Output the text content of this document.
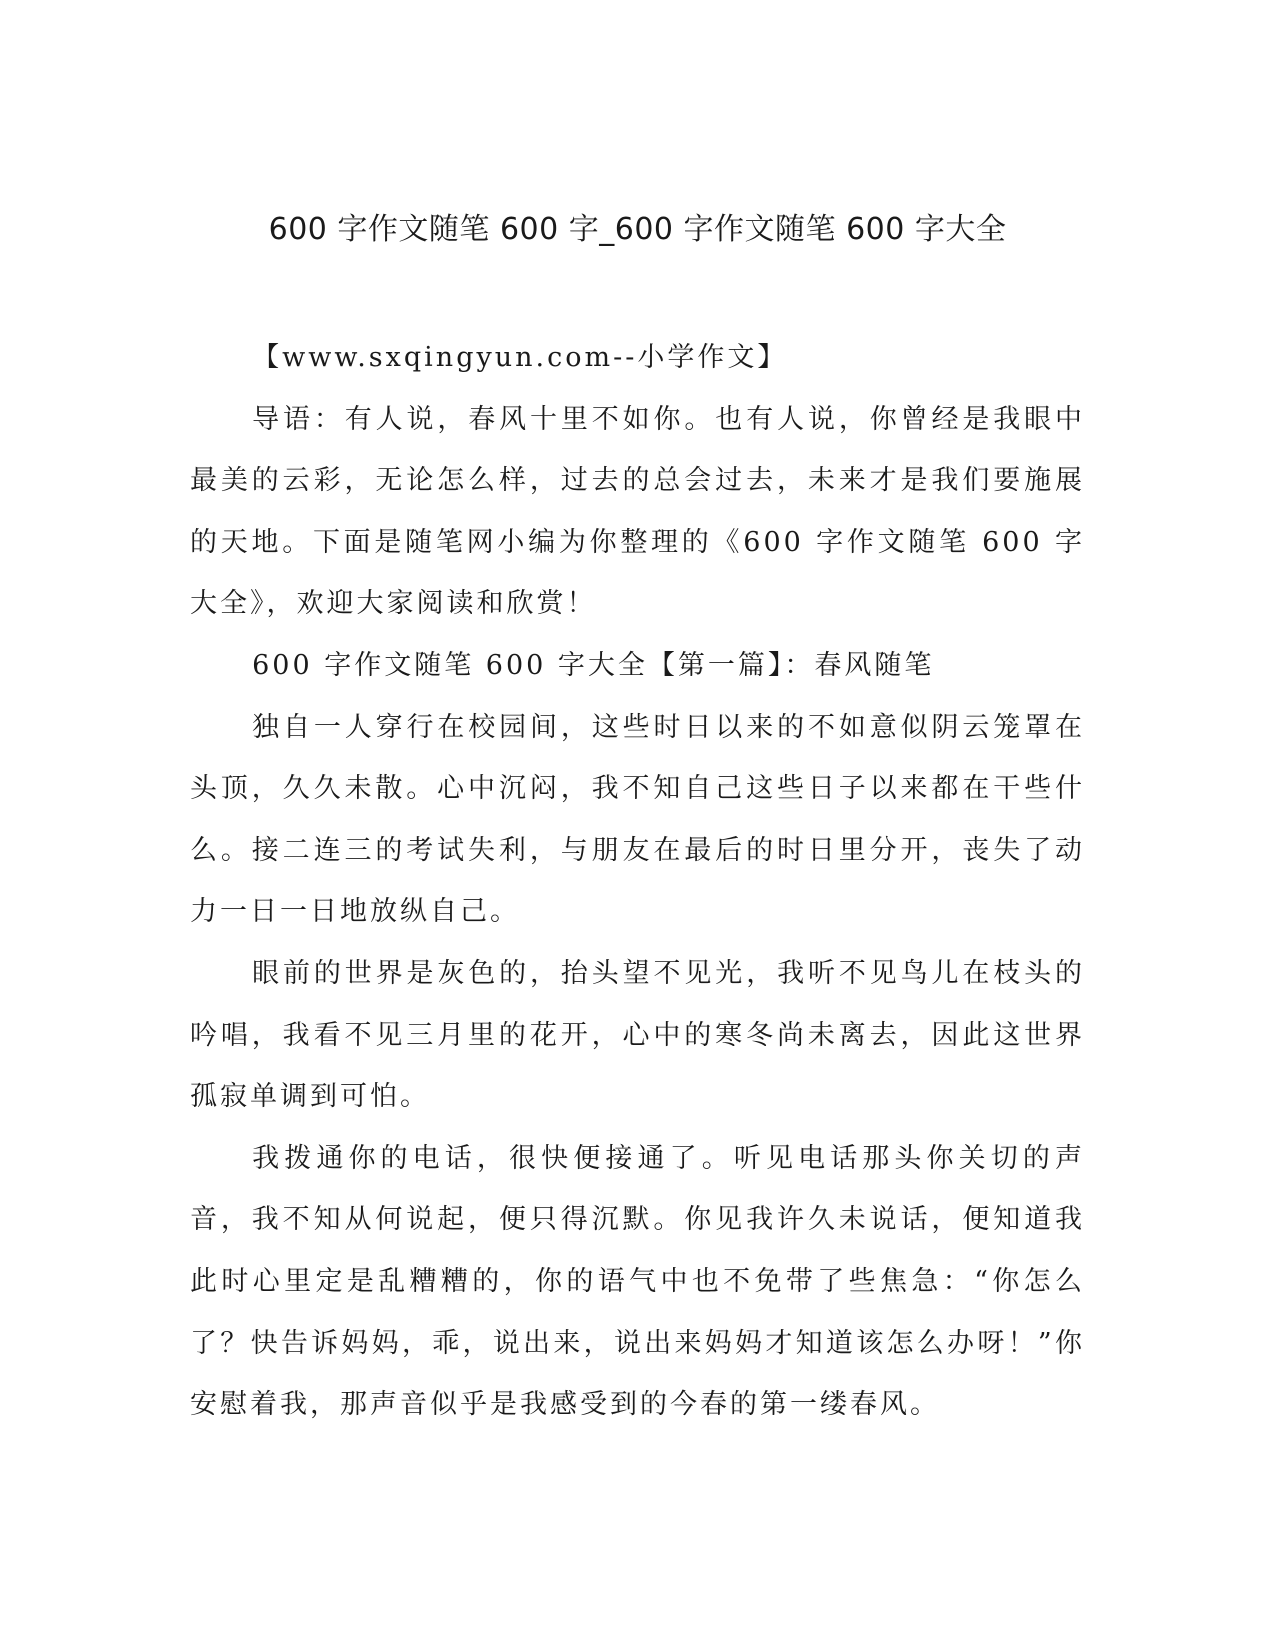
600 字作文随笔 600 字_600 字作文随笔 600 字大全

【www.sxqingyun.com--小学作文】

导语：有人说，春风十里不如你。也有人说，你曾经是我眼中最美的云彩，无论怎么样，过去的总会过去，未来才是我们要施展的天地。下面是随笔网小编为你整理的《600 字作文随笔 600 字大全》，欢迎大家阅读和欣赏！

600 字作文随笔 600 字大全【第一篇】：春风随笔

独自一人穿行在校园间，这些时日以来的不如意似阴云笼罩在头顶，久久未散。心中沉闷，我不知自己这些日子以来都在干些什么。接二连三的考试失利，与朋友在最后的时日里分开，丧失了动力一日一日地放纵自己。

眼前的世界是灰色的，抬头望不见光，我听不见鸟儿在枝头的吟唱，我看不见三月里的花开，心中的寒冬尚未离去，因此这世界孤寂单调到可怕。

我拨通你的电话，很快便接通了。听见电话那头你关切的声音，我不知从何说起，便只得沉默。你见我许久未说话，便知道我此时心里定是乱糟糟的，你的语气中也不免带了些焦急：“你怎么了？快告诉妈妈，乖，说出来，说出来妈妈才知道该怎么办呀！”你安慰着我，那声音似乎是我感受到的今春的第一缕春风。
